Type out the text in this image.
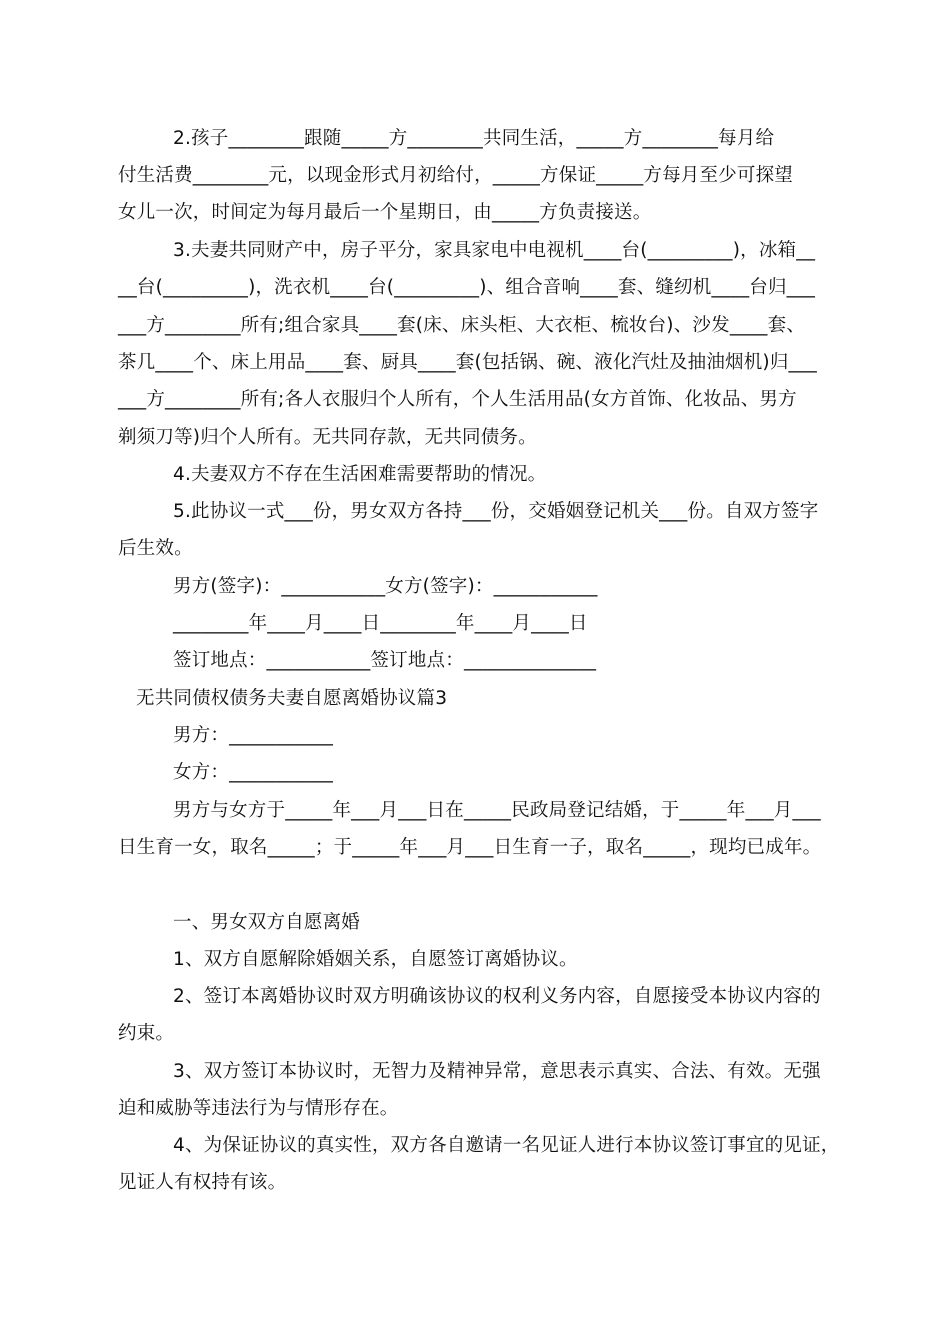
2.孩子________跟随_____方________共同生活，_____方________每月给
付生活费________元，以现金形式月初给付，_____方保证_____方每月至少可探望
女儿一次，时间定为每月最后一个星期日，由_____方负责接送。
3.夫妻共同财产中，房子平分，家具家电中电视机____台(_________)，冰箱__
__台(_________)，洗衣机____台(_________)、组合音响____套、缝纫机____台归___
___方________所有;组合家具____套(床、床头柜、大衣柜、梳妆台)、沙发____套、
茶几____个、床上用品____套、厨具____套(包括锅、碗、液化汽灶及抽油烟机)归___
___方________所有;各人衣服归个人所有，个人生活用品(女方首饰、化妆品、男方
剃须刀等)归个人所有。无共同存款，无共同债务。
4.夫妻双方不存在生活困难需要帮助的情况。
5.此协议一式___份，男女双方各持___份，交婚姻登记机关___份。自双方签字
后生效。
男方(签字)：___________女方(签字)：___________
________年____月____日________年____月____日
签订地点：___________签订地点：______________
无共同债权债务夫妻自愿离婚协议篇3
男方：___________
女方：___________
男方与女方于_____年___月___日在_____民政局登记结婚，于_____年___月___
日生育一女，取名_____；于_____年___月___日生育一子，取名_____，现均已成年。
一、男女双方自愿离婚
1、双方自愿解除婚姻关系，自愿签订离婚协议。
2、签订本离婚协议时双方明确该协议的权利义务内容，自愿接受本协议内容的
约束。
3、双方签订本协议时，无智力及精神异常，意思表示真实、合法、有效。无强
迫和威胁等违法行为与情形存在。
4、为保证协议的真实性，双方各自邀请一名见证人进行本协议签订事宜的见证，
见证人有权持有该。
